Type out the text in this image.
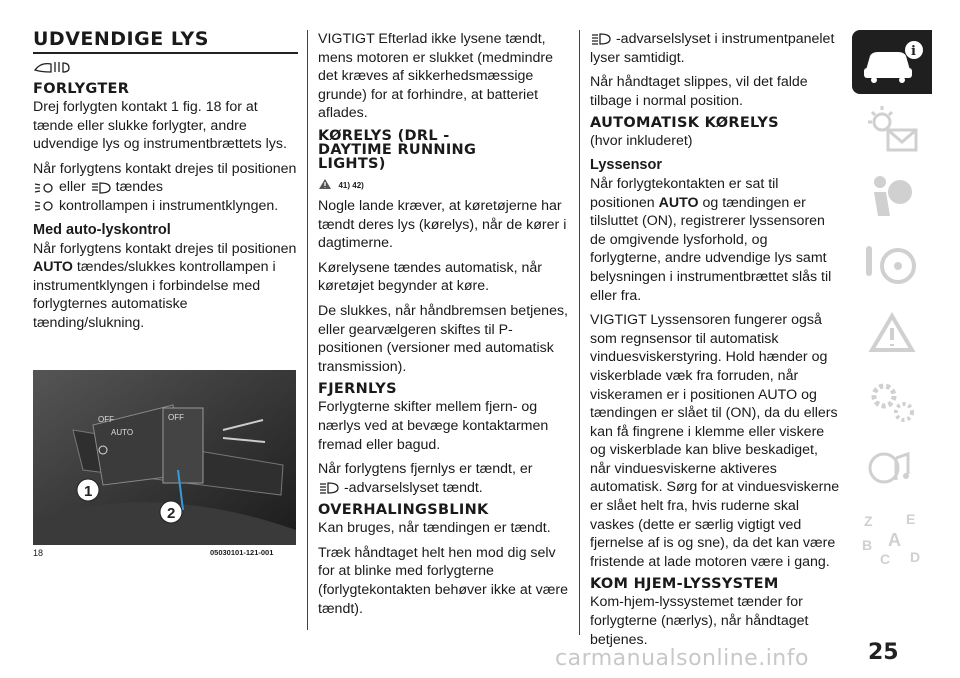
UDVENDIGE LYS
FORLYGTER

Drej forlygten kontakt 1 fig. 18 for at tænde eller slukke forlygter, andre udvendige lys og instrumentbrættets lys.

Når forlygtens kontakt drejes til positionen  eller tændes
kontrollampen i instrumentklyngen.

Med auto-lyskontrol

Når forlygtens kontakt drejes til positionen AUTO tændes/slukkes kontrollampen i instrumentklyngen i forbindelse med forlygternes automatiske tænding/slukning.

OFF	OFF
AUTO
1
2
18	05030101-121-001

VIGTIGT Efterlad ikke lysene tændt, mens motoren er slukket (medmindre det kræves af sikkerhedsmæssige grunde) for at forhindre, at batteriet aflades.

KØRELYS (DRL - DAYTIME RUNNING LIGHTS)
41) 42)

Nogle lande kræver, at køretøjerne har tændt deres lys (kørelys), når de kører i dagtimerne.

Kørelysene tændes automatisk, når køretøjet begynder at køre.

De slukkes, når håndbremsen betjenes, eller gearvælgeren skiftes til P-positionen (versioner med automatisk transmission).

FJERNLYS

Forlygterne skifter mellem fjern- og nærlys ved at bevæge kontaktarmen fremad eller bagud.

Når forlygtens fjernlys er tændt, er
-advarselslyset tændt.

OVERHALINGSBLINK

Kan bruges, når tændingen er tændt.

Træk håndtaget helt hen mod dig selv for at blinke med forlygterne (forlygtekontakten behøver ikke at være tændt).

-advarselslyset i instrumentpanelet lyser samtidigt.

Når håndtaget slippes, vil det falde tilbage i normal position.

AUTOMATISK KØRELYS

(hvor inkluderet)

Lyssensor

Når forlygtekontakten er sat til positionen AUTO og tændingen er tilsluttet (ON), registrerer lyssensoren de omgivende lysforhold, og forlygterne, andre udvendige lys samt belysningen i instrumentbrættet slås til eller fra.

VIGTIGT Lyssensoren fungerer også som regnsensor til automatisk vinduesviskerstyring. Hold hænder og viskerblade væk fra forruden, når viskeramen er i positionen AUTO og tændingen er slået til (ON), da du ellers kan få fingrene i klemme eller viskere og viskerblade kan blive beskadiget, når vinduesviskerne aktiveres automatisk. Sørg for at vinduesviskerne er slået helt fra, hvis ruderne skal vaskes (dette er særlig vigtigt ved fjernelse af is og sne), da det kan være fristende at lade motoren være i gang.

KOM HJEM-LYSSYSTEM

Kom-hjem-lyssystemet tænder for forlygterne (nærlys), når håndtaget betjenes.

i
Z E
B A
C D
carmanualsonline.info	25
